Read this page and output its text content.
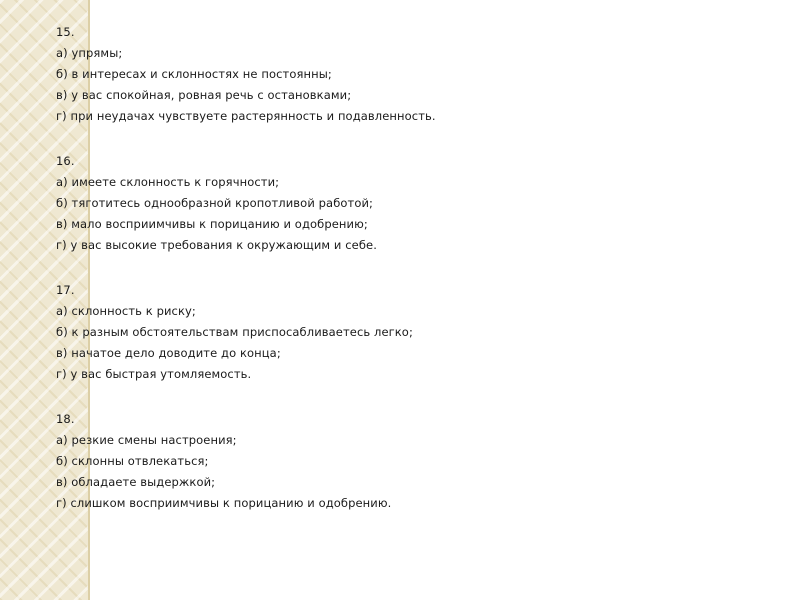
15.
а) упрямы;
б) в интересах и склонностях не постоянны;
в) у вас спокойная, ровная речь с остановками;
г) при неудачах чувствуете растерянность и подавленность.
16.
а) имеете склонность к горячности;
б) тяготитесь однообразной кропотливой работой;
в) мало восприимчивы к порицанию и одобрению;
г) у вас высокие требования к окружающим и себе.
17.
а) склонность к риску;
б) к разным обстоятельствам приспосабливаетесь легко;
в) начатое дело доводите до конца;
г) у вас быстрая утомляемость.
18.
а) резкие смены настроения;
б) склонны отвлекаться;
в) обладаете выдержкой;
г) слишком восприимчивы к порицанию и одобрению.
